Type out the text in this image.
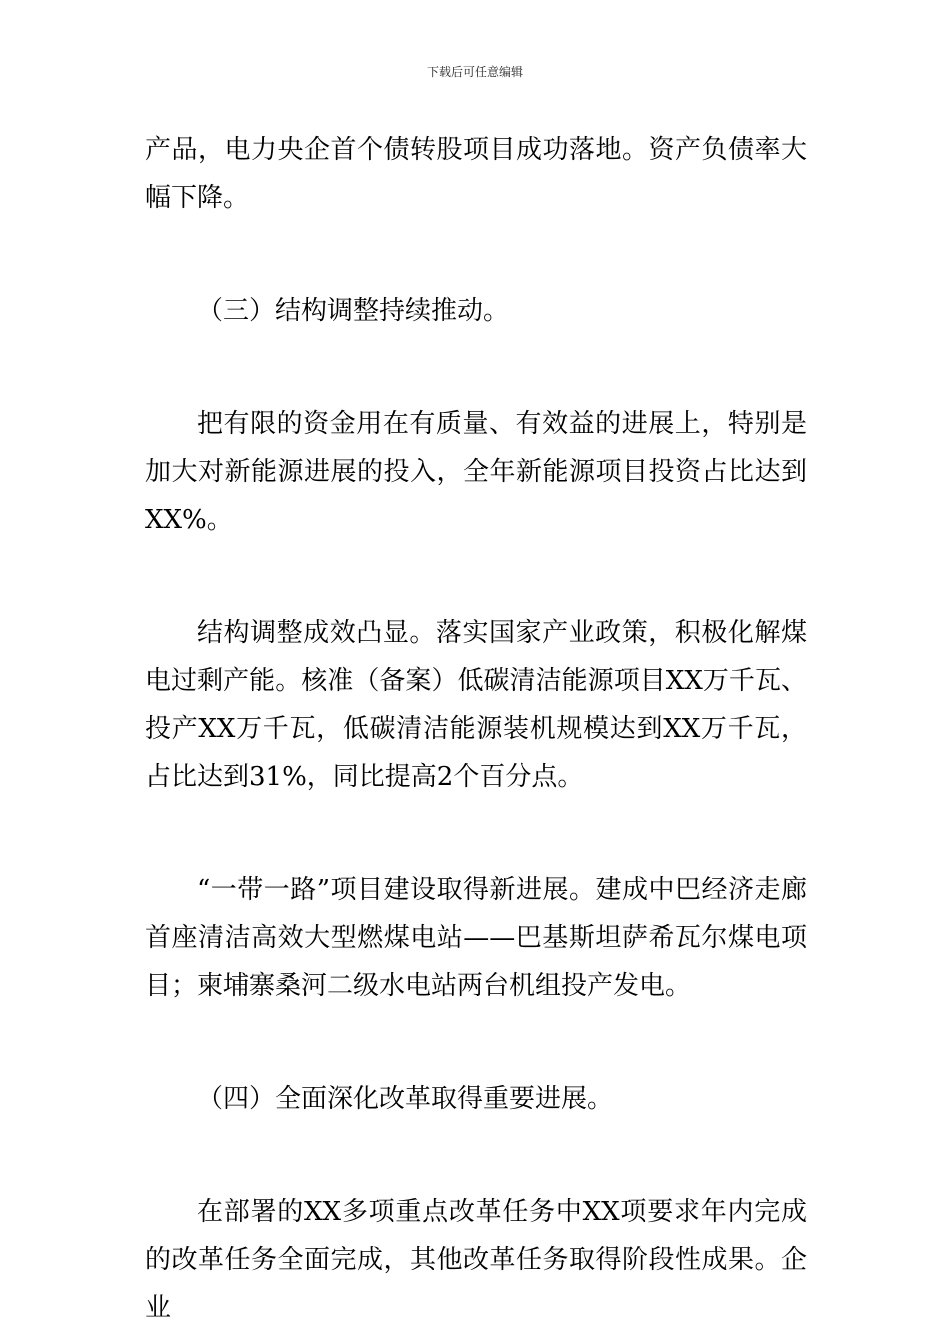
下载后可任意编辑

产品，电力央企首个债转股项目成功落地。资产负债率大幅下降。

（三）结构调整持续推动。

把有限的资金用在有质量、有效益的进展上，特别是加大对新能源进展的投入，全年新能源项目投资占比达到XX%。

结构调整成效凸显。落实国家产业政策，积极化解煤电过剩产能。核准（备案）低碳清洁能源项目XX万千瓦、投产XX万千瓦，低碳清洁能源装机规模达到XX万千瓦，占比达到31%，同比提高2个百分点。

“一带一路”项目建设取得新进展。建成中巴经济走廊首座清洁高效大型燃煤电站——巴基斯坦萨希瓦尔煤电项目；柬埔寨桑河二级水电站两台机组投产发电。

（四）全面深化改革取得重要进展。

在部署的XX多项重点改革任务中XX项要求年内完成的改革任务全面完成，其他改革任务取得阶段性成果。企业
